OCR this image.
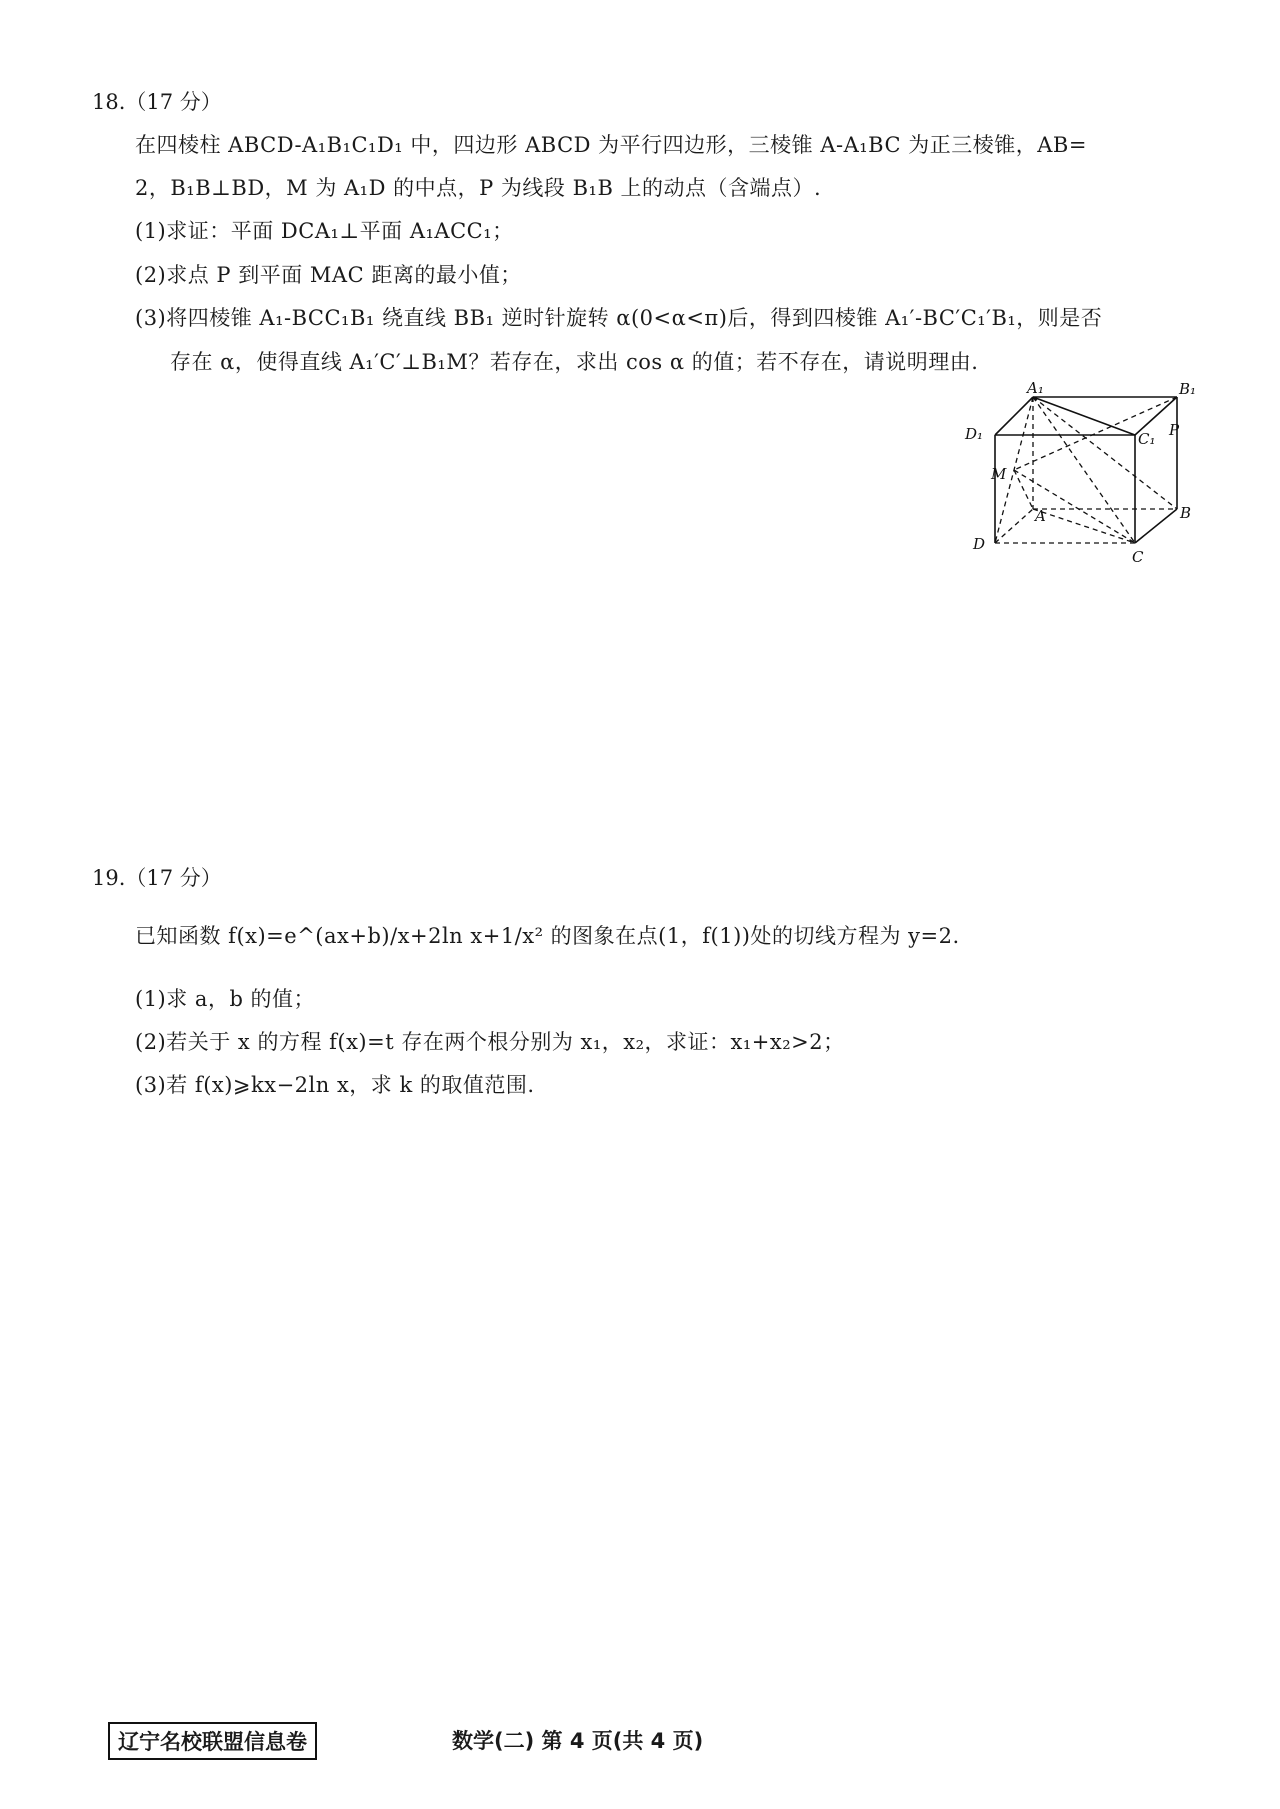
18.（17 分）
在四棱柱 ABCD-A₁B₁C₁D₁ 中，四边形 ABCD 为平行四边形，三棱锥 A-A₁BC 为正三棱锥，AB=
2，B₁B⊥BD，M 为 A₁D 的中点，P 为线段 B₁B 上的动点（含端点）.
(1)求证：平面 DCA₁⊥平面 A₁ACC₁；
(2)求点 P 到平面 MAC 距离的最小值；
(3)将四棱锥 A₁-BCC₁B₁ 绕直线 BB₁ 逆时针旋转 α(0<α<π)后，得到四棱锥 A₁′-BC′C₁′B₁，则是否
存在 α，使得直线 A₁′C′⊥B₁M？若存在，求出 cos α 的值；若不存在，请说明理由.
A₁	B₁
C₁
D₁	P
M
A	B
C
D
19.（17 分）
已知函数 f(x)=e^(ax+b)/x+2ln x+1/x² 的图象在点(1，f(1))处的切线方程为 y=2.
(1)求 a，b 的值；
(2)若关于 x 的方程 f(x)=t 存在两个根分别为 x₁，x₂，求证：x₁+x₂>2；
(3)若 f(x)⩾kx−2ln x，求 k 的取值范围.
辽宁名校联盟信息卷	数学(二) 第 4 页(共 4 页)
